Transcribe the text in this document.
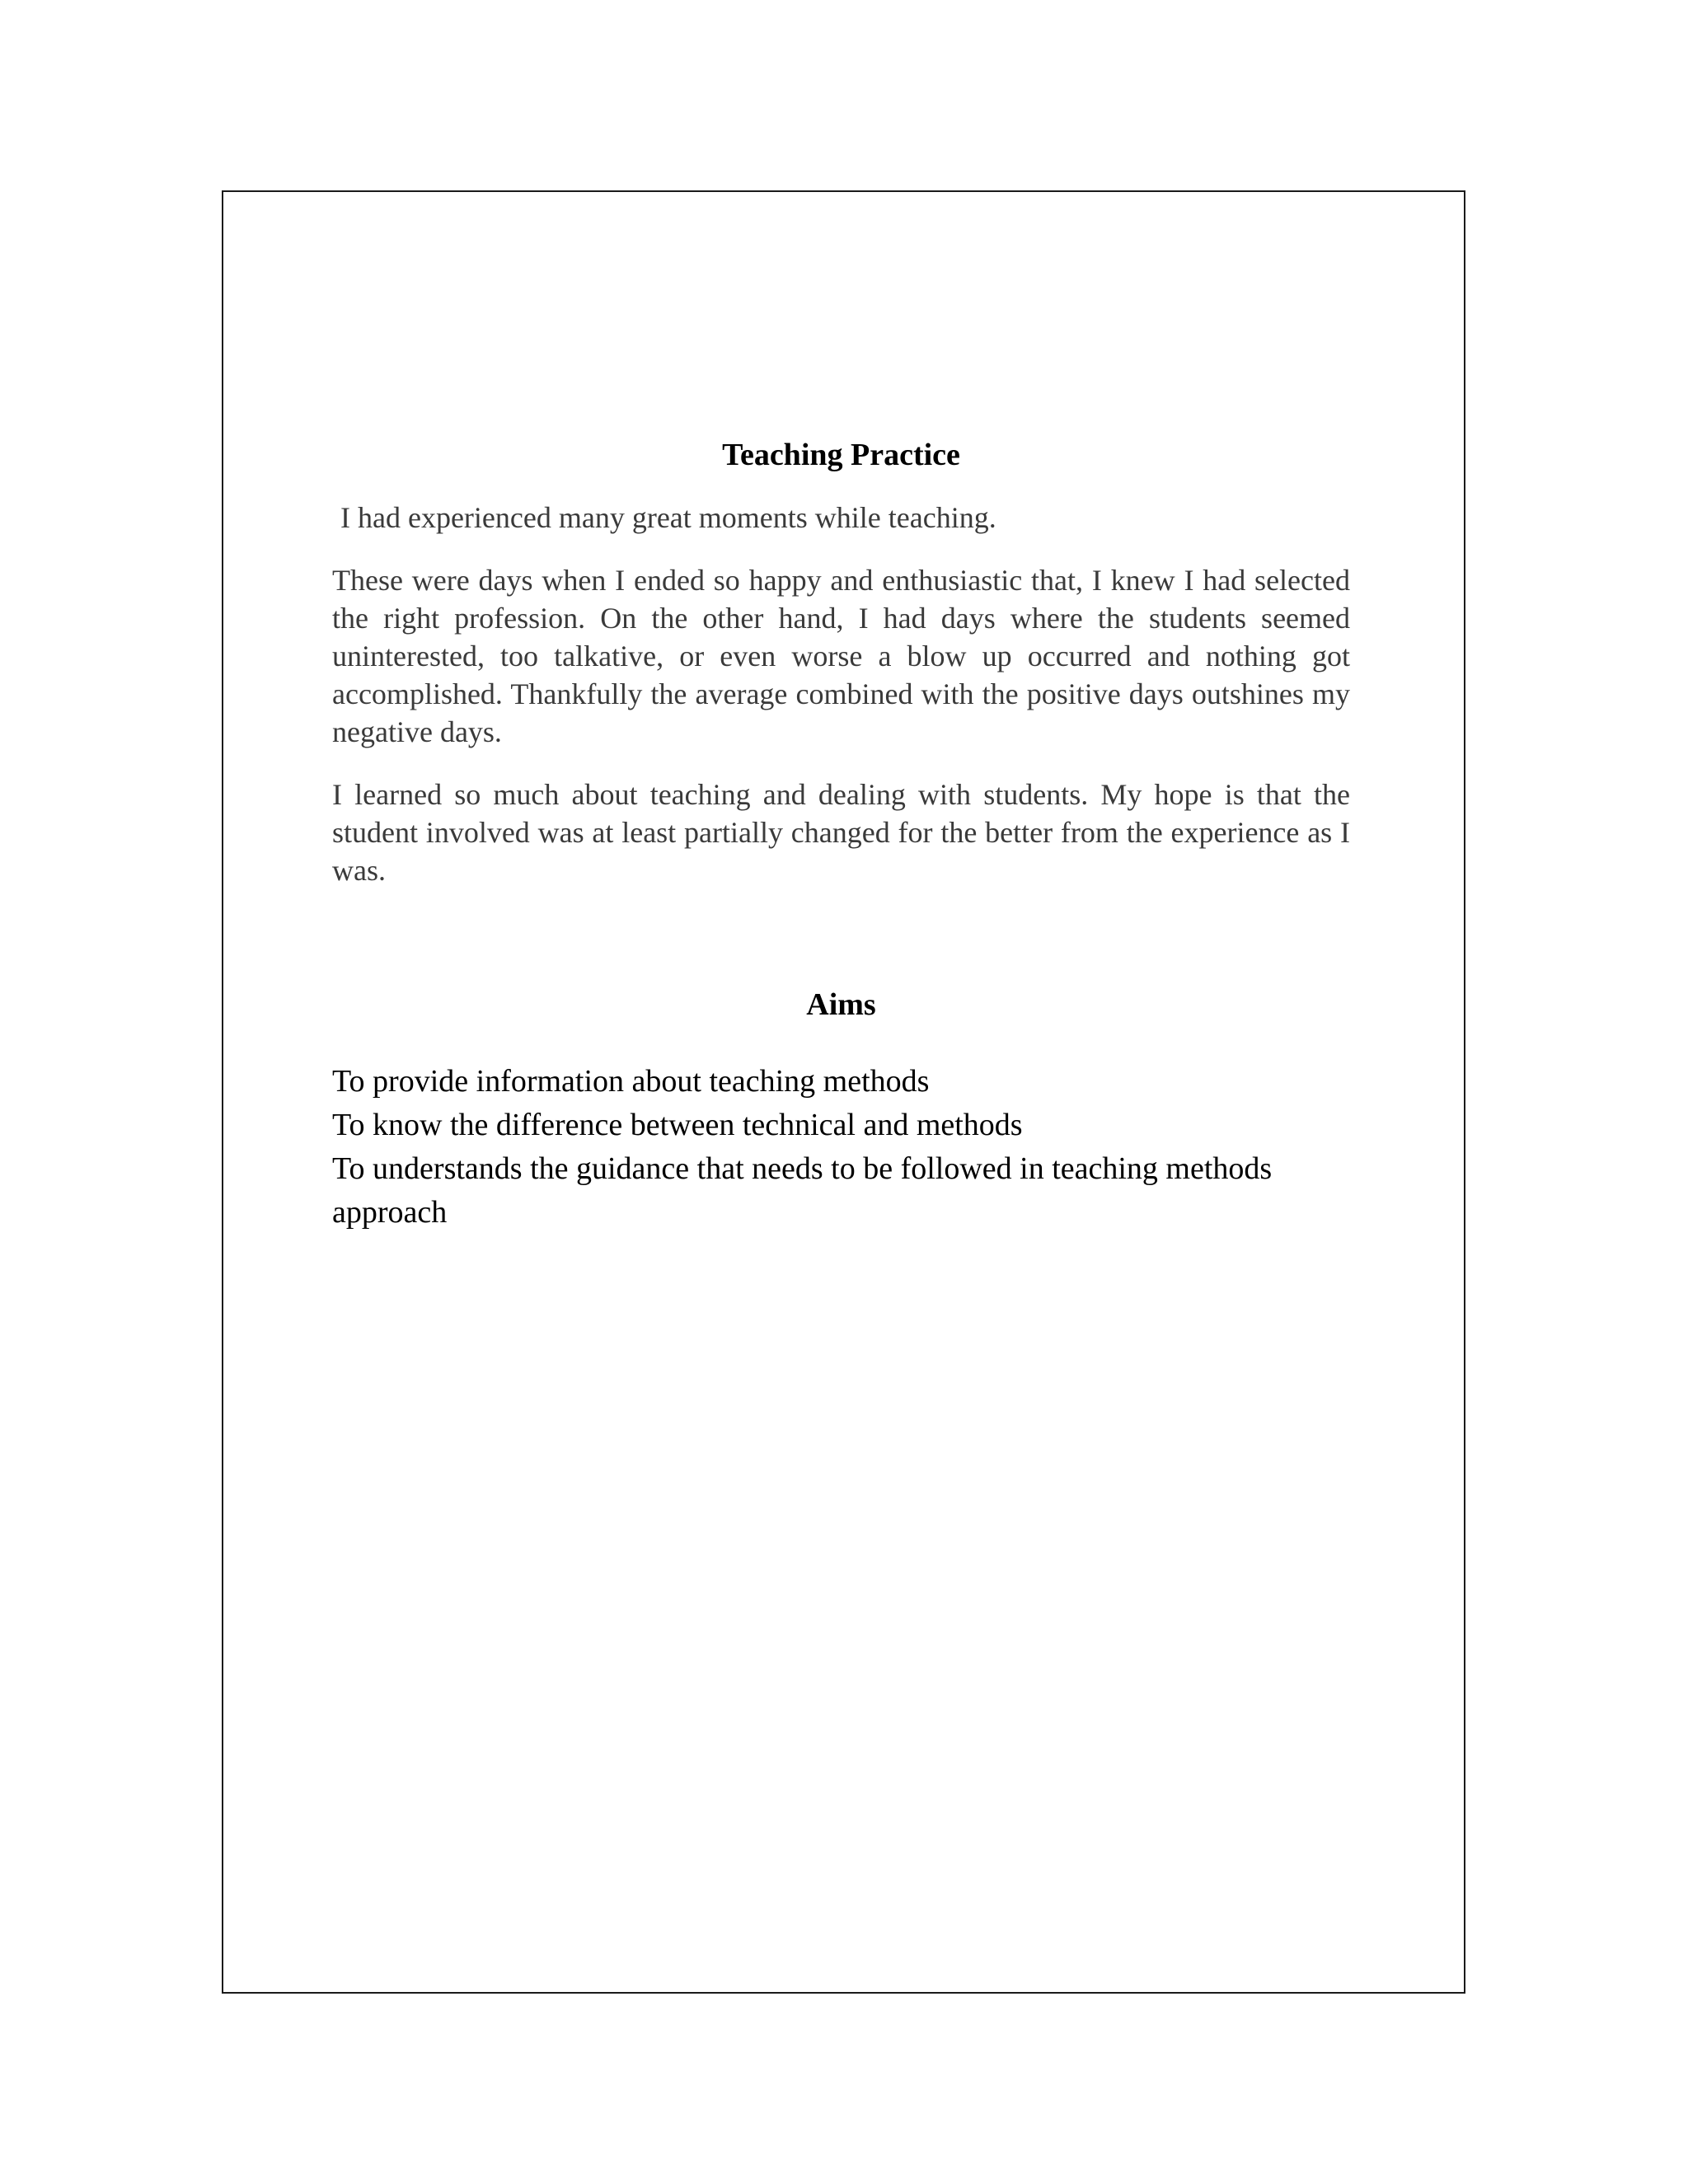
Teaching Practice

I had experienced many great moments while teaching.

These were days when I ended so happy and enthusiastic that, I knew I had selected the right profession. On the other hand, I had days where the students seemed uninterested, too talkative, or even worse a blow up occurred and nothing got accomplished. Thankfully the average combined with the positive days outshines my negative days.

I learned so much about teaching and dealing with students. My hope is that the student involved was at least partially changed for the better from the experience as I was.

Aims
To provide information about teaching methods
To know the difference between technical and methods
To understands the guidance that needs to be followed in teaching methods approach
